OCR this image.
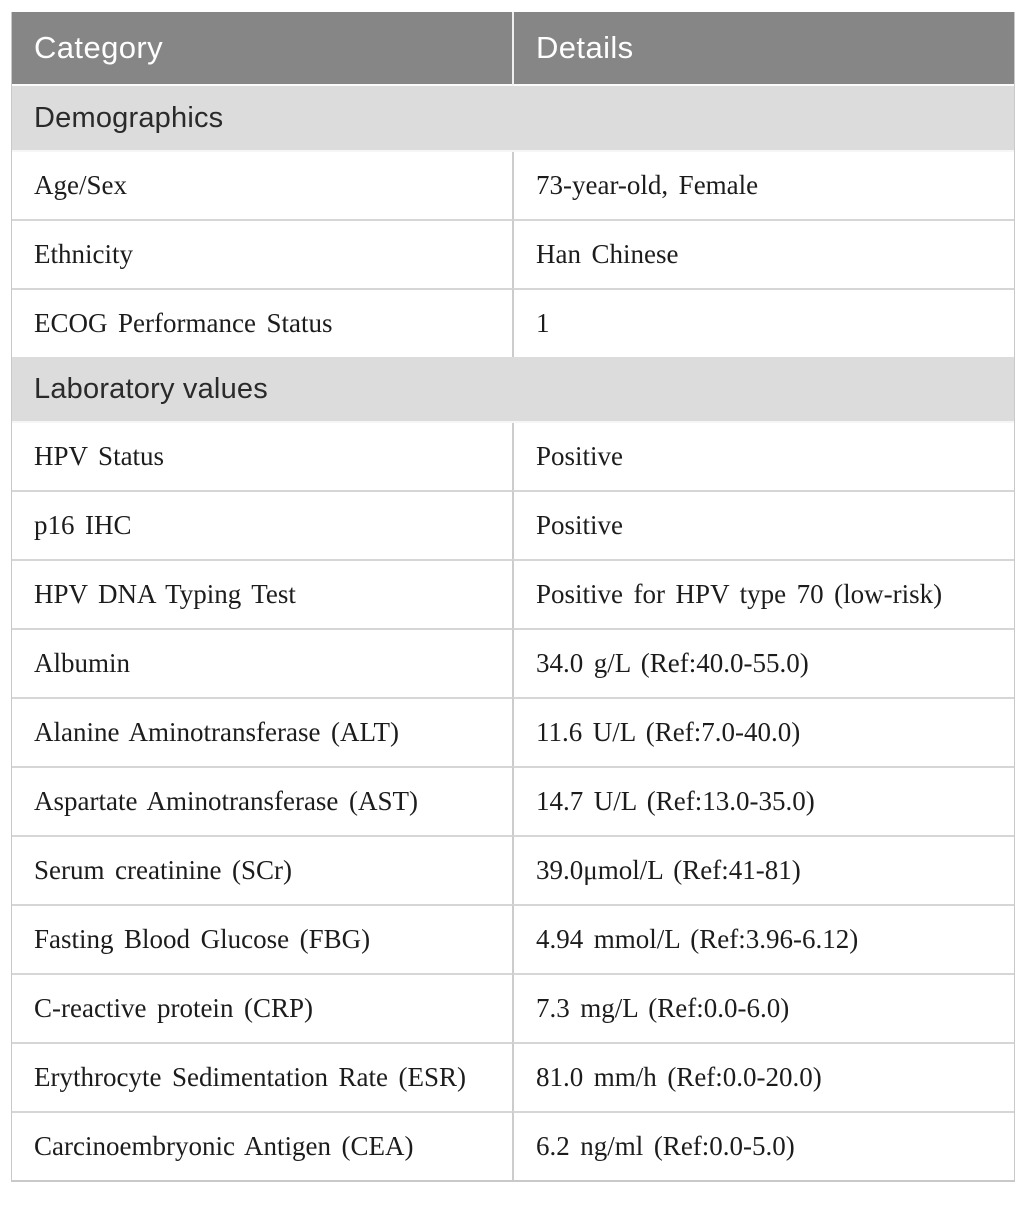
Category	Details
Demographics	
Age/Sex	73-year-old, Female
Ethnicity	Han Chinese
ECOG Performance Status	1
Laboratory values	
HPV Status	Positive
p16 IHC	Positive
HPV DNA Typing Test	Positive for HPV type 70 (low-risk)
Albumin	34.0 g/L (Ref:40.0-55.0)
Alanine Aminotransferase (ALT)	11.6 U/L (Ref:7.0-40.0)
Aspartate Aminotransferase (AST)	14.7 U/L (Ref:13.0-35.0)
Serum creatinine (SCr)	39.0μmol/L (Ref:41-81)
Fasting Blood Glucose (FBG)	4.94 mmol/L (Ref:3.96-6.12)
C-reactive protein (CRP)	7.3 mg/L (Ref:0.0-6.0)
Erythrocyte Sedimentation Rate (ESR)	81.0 mm/h (Ref:0.0-20.0)
Carcinoembryonic Antigen (CEA)	6.2 ng/ml (Ref:0.0-5.0)
